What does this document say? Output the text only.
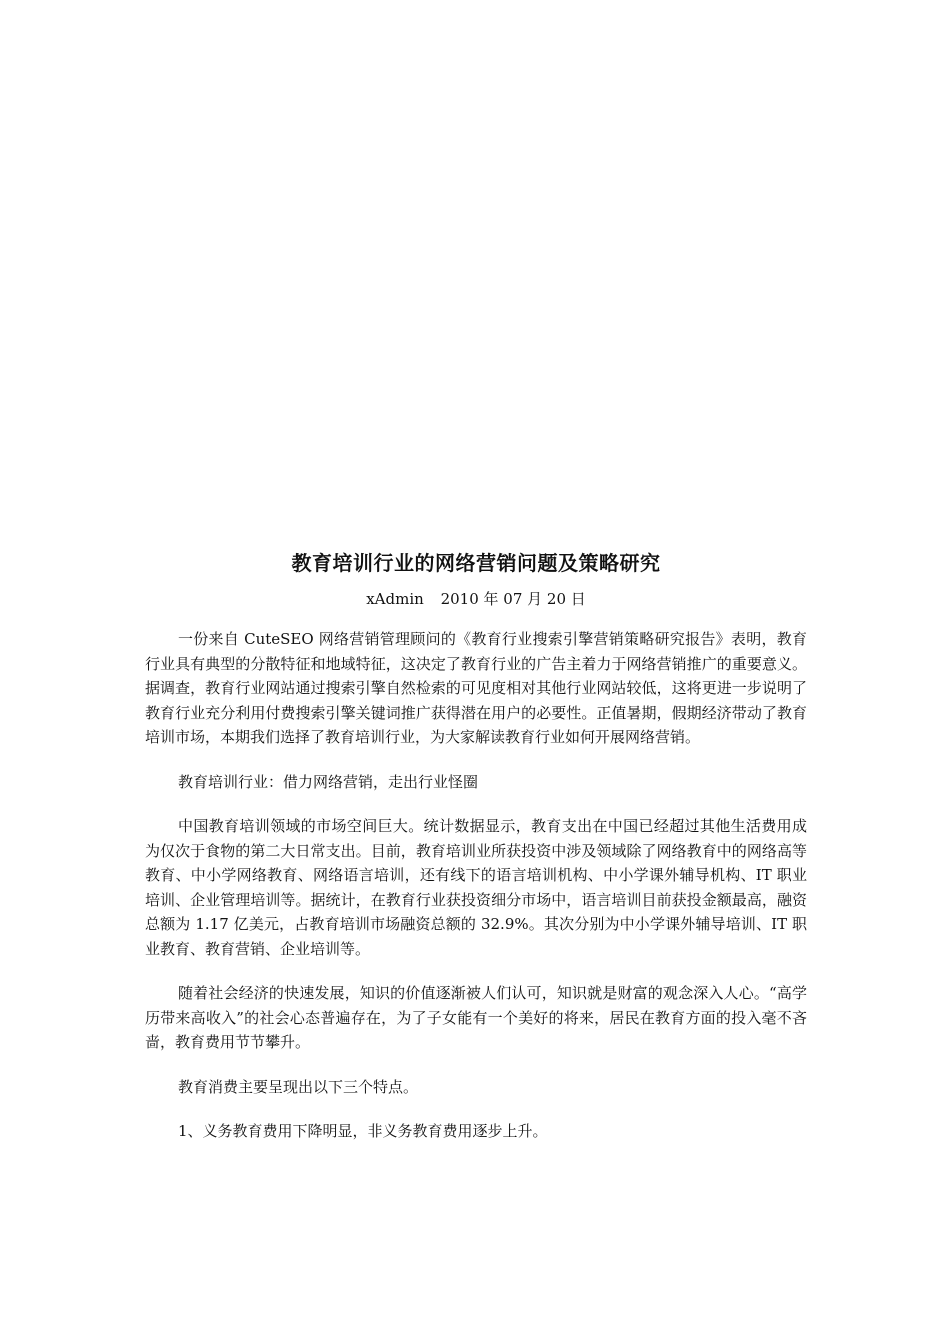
教育培训行业的网络营销问题及策略研究
xAdmin 2010 年 07 月 20 日

一份来自 CuteSEO 网络营销管理顾问的《教育行业搜索引擎营销策略研究报告》表明，教育行业具有典型的分散特征和地域特征，这决定了教育行业的广告主着力于网络营销推广的重要意义。据调查，教育行业网站通过搜索引擎自然检索的可见度相对其他行业网站较低，这将更进一步说明了教育行业充分利用付费搜索引擎关键词推广获得潜在用户的必要性。正值暑期，假期经济带动了教育培训市场，本期我们选择了教育培训行业，为大家解读教育行业如何开展网络营销。

教育培训行业：借力网络营销，走出行业怪圈

中国教育培训领域的市场空间巨大。统计数据显示，教育支出在中国已经超过其他生活费用成为仅次于食物的第二大日常支出。目前，教育培训业所获投资中涉及领域除了网络教育中的网络高等教育、中小学网络教育、网络语言培训，还有线下的语言培训机构、中小学课外辅导机构、IT 职业培训、企业管理培训等。据统计，在教育行业获投资细分市场中，语言培训目前获投金额最高，融资总额为 1.17 亿美元，占教育培训市场融资总额的 32.9%。其次分别为中小学课外辅导培训、IT 职业教育、教育营销、企业培训等。

随着社会经济的快速发展，知识的价值逐渐被人们认可，知识就是财富的观念深入人心。“高学历带来高收入”的社会心态普遍存在，为了子女能有一个美好的将来，居民在教育方面的投入毫不吝啬，教育费用节节攀升。

教育消费主要呈现出以下三个特点。

1、义务教育费用下降明显，非义务教育费用逐步上升。
